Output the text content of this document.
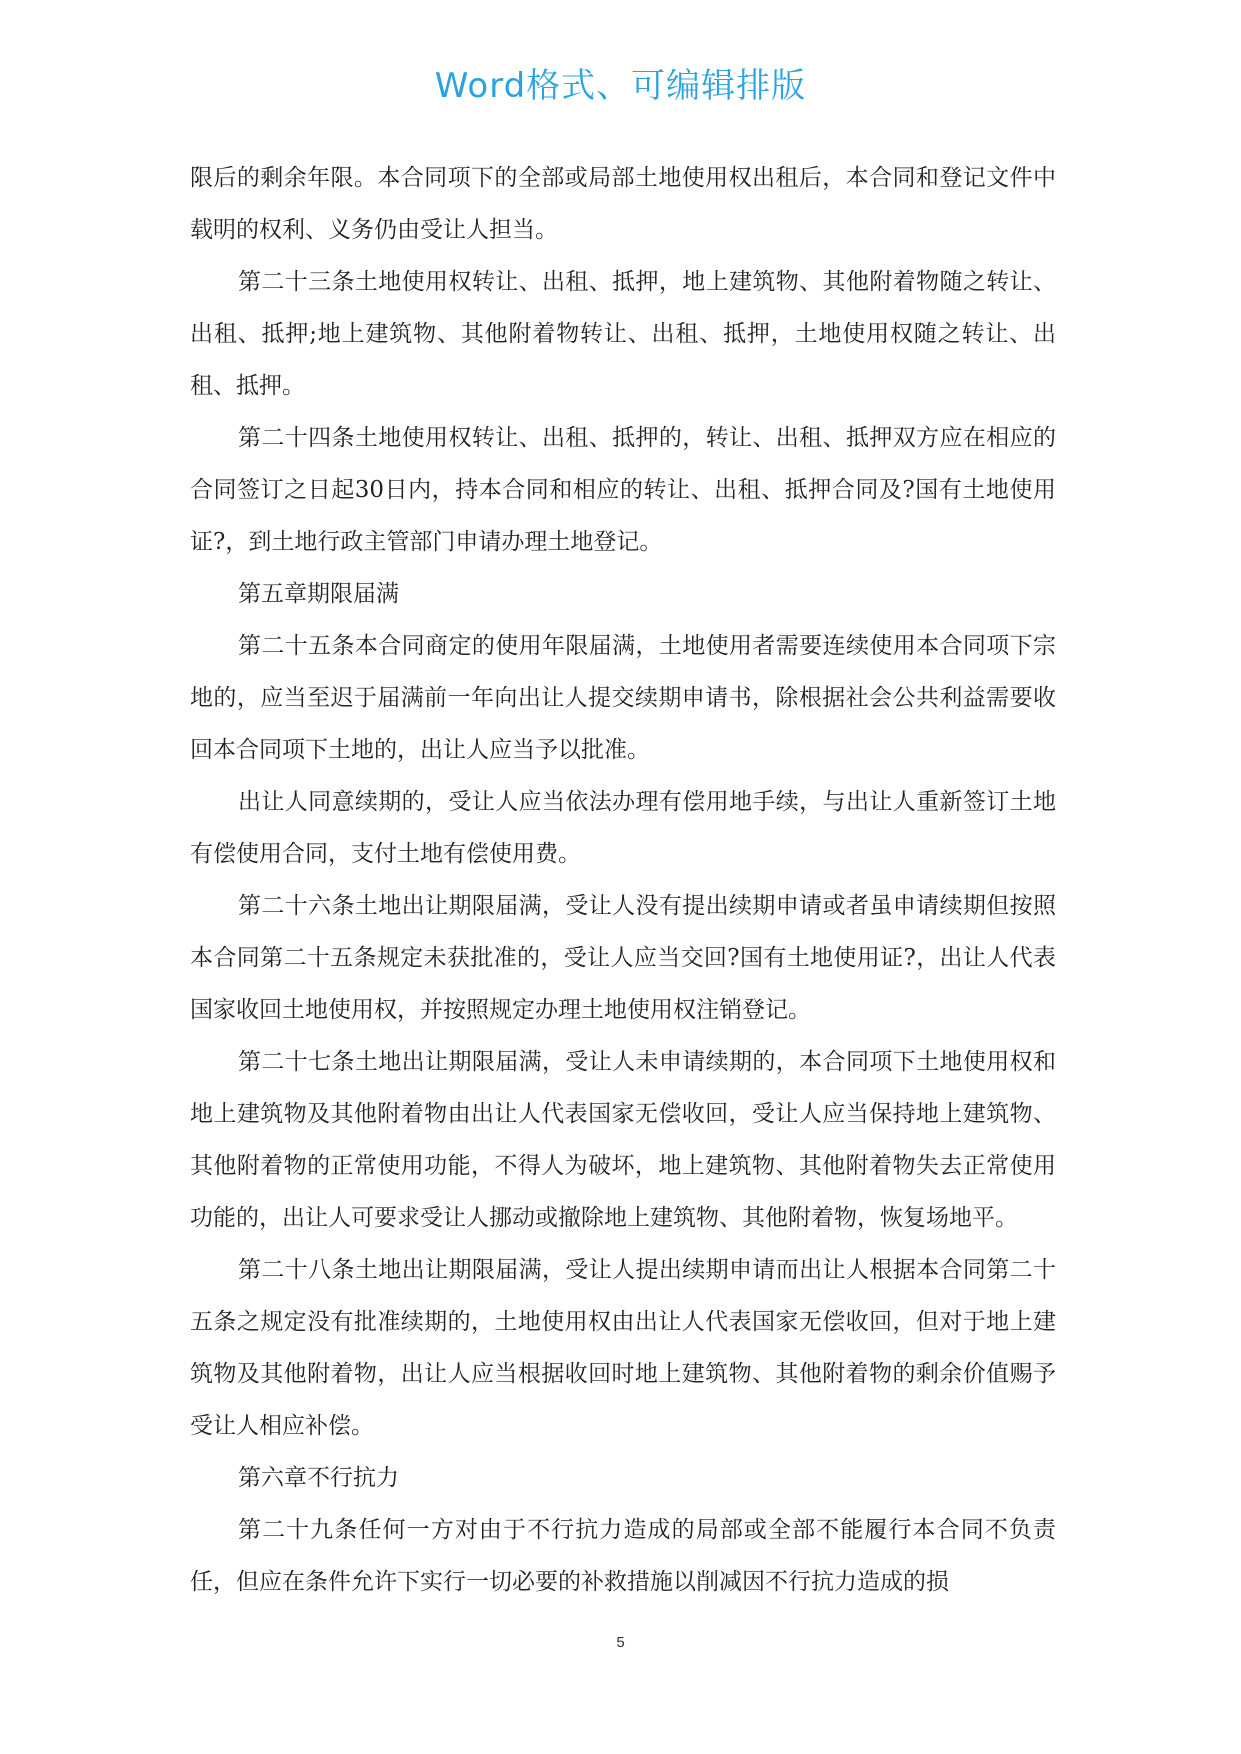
Word格式、可编辑排版

限后的剩余年限。本合同项下的全部或局部土地使用权出租后，本合同和登记文件中载明的权利、义务仍由受让人担当。

第二十三条土地使用权转让、出租、抵押，地上建筑物、其他附着物随之转让、出租、抵押;地上建筑物、其他附着物转让、出租、抵押，土地使用权随之转让、出租、抵押。

第二十四条土地使用权转让、出租、抵押的，转让、出租、抵押双方应在相应的合同签订之日起30日内，持本合同和相应的转让、出租、抵押合同及?国有土地使用证?，到土地行政主管部门申请办理土地登记。

第五章期限届满

第二十五条本合同商定的使用年限届满，土地使用者需要连续使用本合同项下宗地的，应当至迟于届满前一年向出让人提交续期申请书，除根据社会公共利益需要收回本合同项下土地的，出让人应当予以批准。

出让人同意续期的，受让人应当依法办理有偿用地手续，与出让人重新签订土地有偿使用合同，支付土地有偿使用费。

第二十六条土地出让期限届满，受让人没有提出续期申请或者虽申请续期但按照本合同第二十五条规定未获批准的，受让人应当交回?国有土地使用证?，出让人代表国家收回土地使用权，并按照规定办理土地使用权注销登记。

第二十七条土地出让期限届满，受让人未申请续期的，本合同项下土地使用权和地上建筑物及其他附着物由出让人代表国家无偿收回，受让人应当保持地上建筑物、其他附着物的正常使用功能，不得人为破坏，地上建筑物、其他附着物失去正常使用功能的，出让人可要求受让人挪动或撤除地上建筑物、其他附着物，恢复场地平。

第二十八条土地出让期限届满，受让人提出续期申请而出让人根据本合同第二十五条之规定没有批准续期的，土地使用权由出让人代表国家无偿收回，但对于地上建筑物及其他附着物，出让人应当根据收回时地上建筑物、其他附着物的剩余价值赐予受让人相应补偿。

第六章不行抗力

第二十九条任何一方对由于不行抗力造成的局部或全部不能履行本合同不负责任，但应在条件允许下实行一切必要的补救措施以削减因不行抗力造成的损

5
